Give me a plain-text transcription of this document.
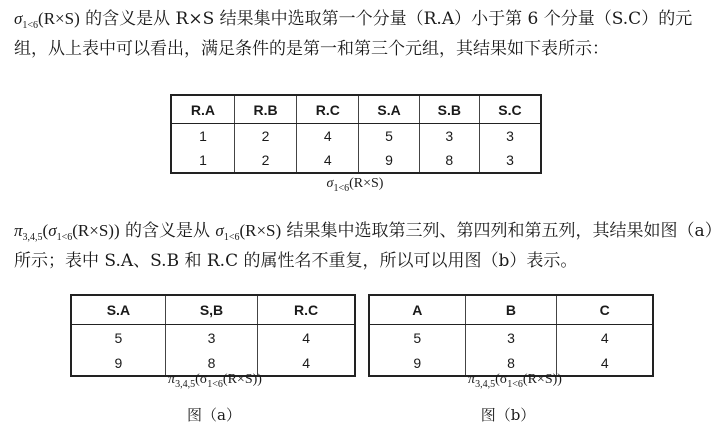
$\sigma_{1<6}(R\times S)$ 的含义是从 R×S 结果集中选取第一个分量（R.A）小于第 6 个分量（S.C）的元组，从上表中可以看出，满足条件的是第一和第三个元组，其结果如下表所示：

R.A	R.B	R.C	S.A	S.B	S.C
1	2	4	5	3	3
1	2	4	9	8	3
$\sigma_{1<6}(R\times S)$

$\pi_{3,4,5}(\sigma_{1<6}(R\times S))$ 的含义是从 $\sigma_{1<6}(R\times S)$ 结果集中选取第三列、第四列和第五列，其结果如图（a）所示；表中 S.A、S.B 和 R.C 的属性名不重复，所以可以用图（b）表示。

S.A	S,B	R.C
5	3	4
9	8	4
A	B	C
5	3	4
9	8	4
$\pi_{3,4,5}(\sigma_{1<6}(R\times S))$	$\pi_{3,4,5}(\sigma_{1<6}(R\times S))$
图（a）	图（b）
